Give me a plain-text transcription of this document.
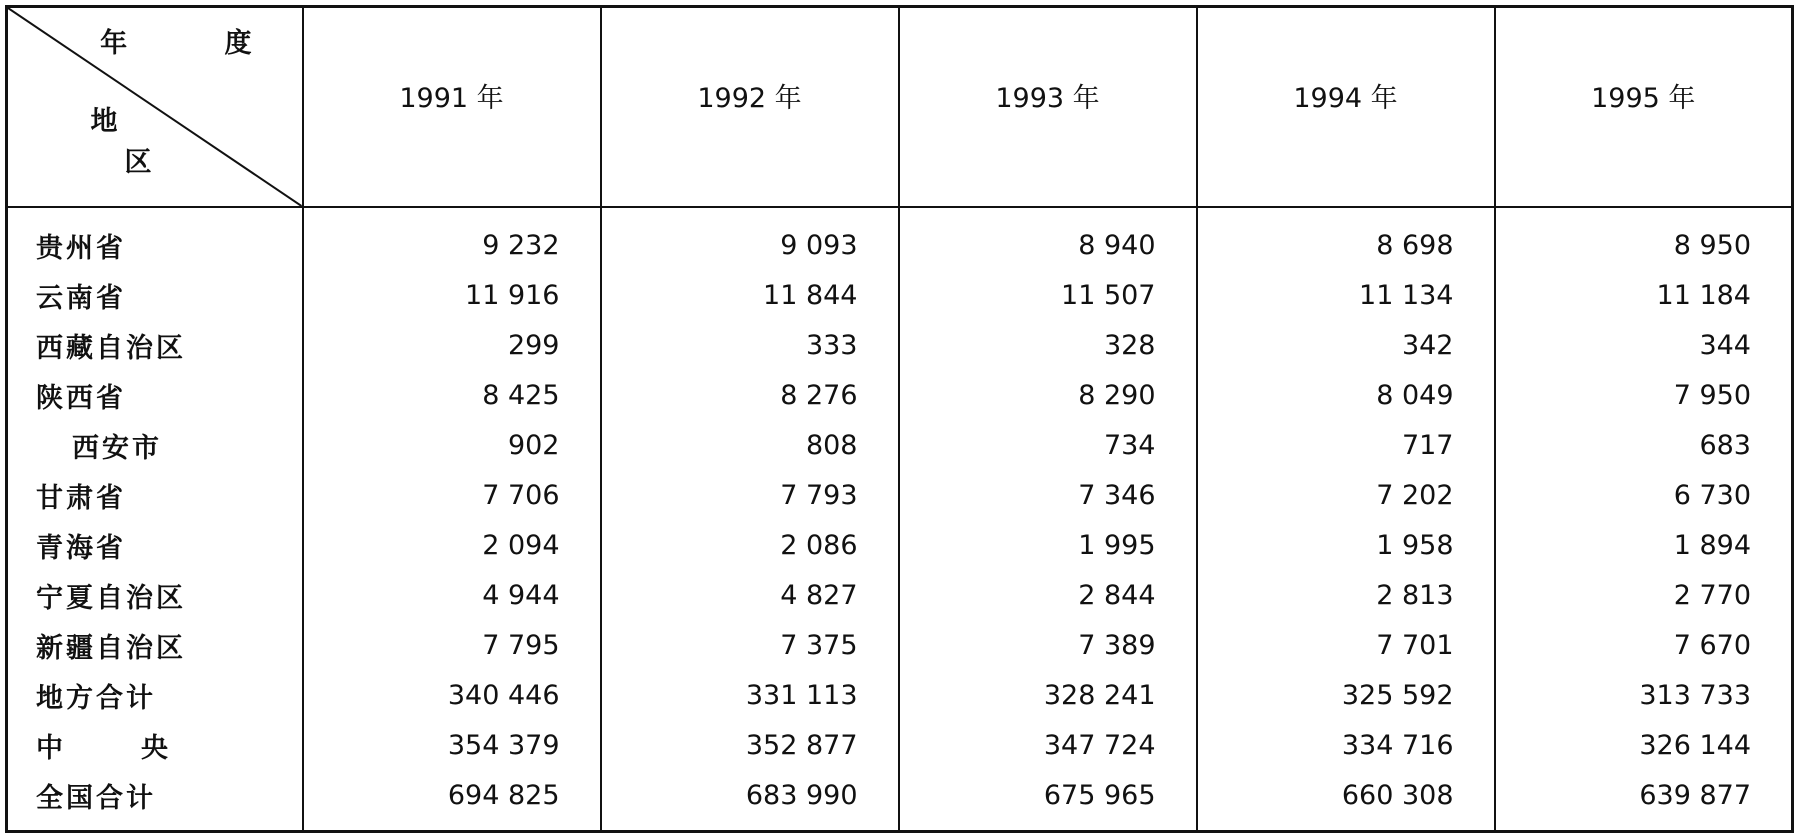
年 度
地
区	1991 年	1992 年	1993 年	1994 年	1995 年
贵州省	9 232	9 093	8 940	8 698	8 950
云南省	11 916	11 844	11 507	11 134	11 184
西藏自治区	299	333	328	342	344
陕西省	8 425	8 276	8 290	8 049	7 950
西安市	902	808	734	717	683
甘肃省	7 706	7 793	7 346	7 202	6 730
青海省	2 094	2 086	1 995	1 958	1 894
宁夏自治区	4 944	4 827	2 844	2 813	2 770
新疆自治区	7 795	7 375	7 389	7 701	7 670
地方合计	340 446	331 113	328 241	325 592	313 733
中 央	354 379	352 877	347 724	334 716	326 144
全国合计	694 825	683 990	675 965	660 308	639 877
